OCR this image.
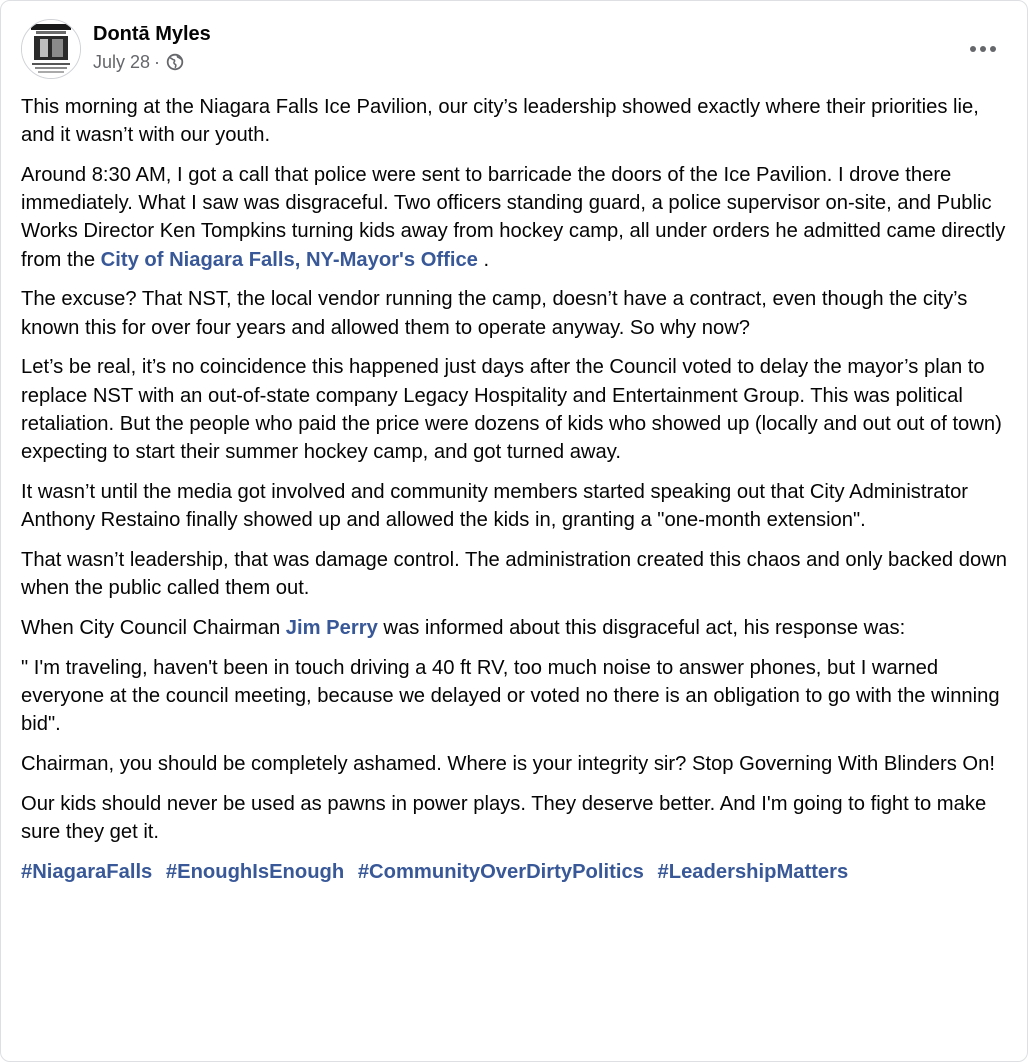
Dontā Myles
July 28 ·

This morning at the Niagara Falls Ice Pavilion, our city’s leadership showed exactly where their priorities lie, and it wasn’t with our youth.

Around 8:30 AM, I got a call that police were sent to barricade the doors of the Ice Pavilion. I drove there immediately. What I saw was disgraceful. Two officers standing guard, a police supervisor on-site, and Public Works Director Ken Tompkins turning kids away from hockey camp, all under orders he admitted came directly from the City of Niagara Falls, NY-Mayor's Office .

The excuse? That NST, the local vendor running the camp, doesn’t have a contract, even though the city’s known this for over four years and allowed them to operate anyway. So why now?

Let’s be real, it’s no coincidence this happened just days after the Council voted to delay the mayor’s plan to replace NST with an out-of-state company Legacy Hospitality and Entertainment Group. This was political retaliation. But the people who paid the price were dozens of kids who showed up (locally and out out of town) expecting to start their summer hockey camp, and got turned away.

It wasn’t until the media got involved and community members started speaking out that City Administrator Anthony Restaino finally showed up and allowed the kids in, granting a "one-month extension".

That wasn’t leadership, that was damage control. The administration created this chaos and only backed down when the public called them out.

When City Council Chairman Jim Perry was informed about this disgraceful act, his response was:

" I'm traveling, haven't been in touch driving a 40 ft RV, too much noise to answer phones, but I warned everyone at the council meeting, because we delayed or voted no there is an obligation to go with the winning bid".

Chairman, you should be completely ashamed. Where is your integrity sir? Stop Governing With Blinders On!

Our kids should never be used as pawns in power plays. They deserve better. And I'm going to fight to make sure they get it.

#NiagaraFalls #EnoughIsEnough #CommunityOverDirtyPolitics #LeadershipMatters
